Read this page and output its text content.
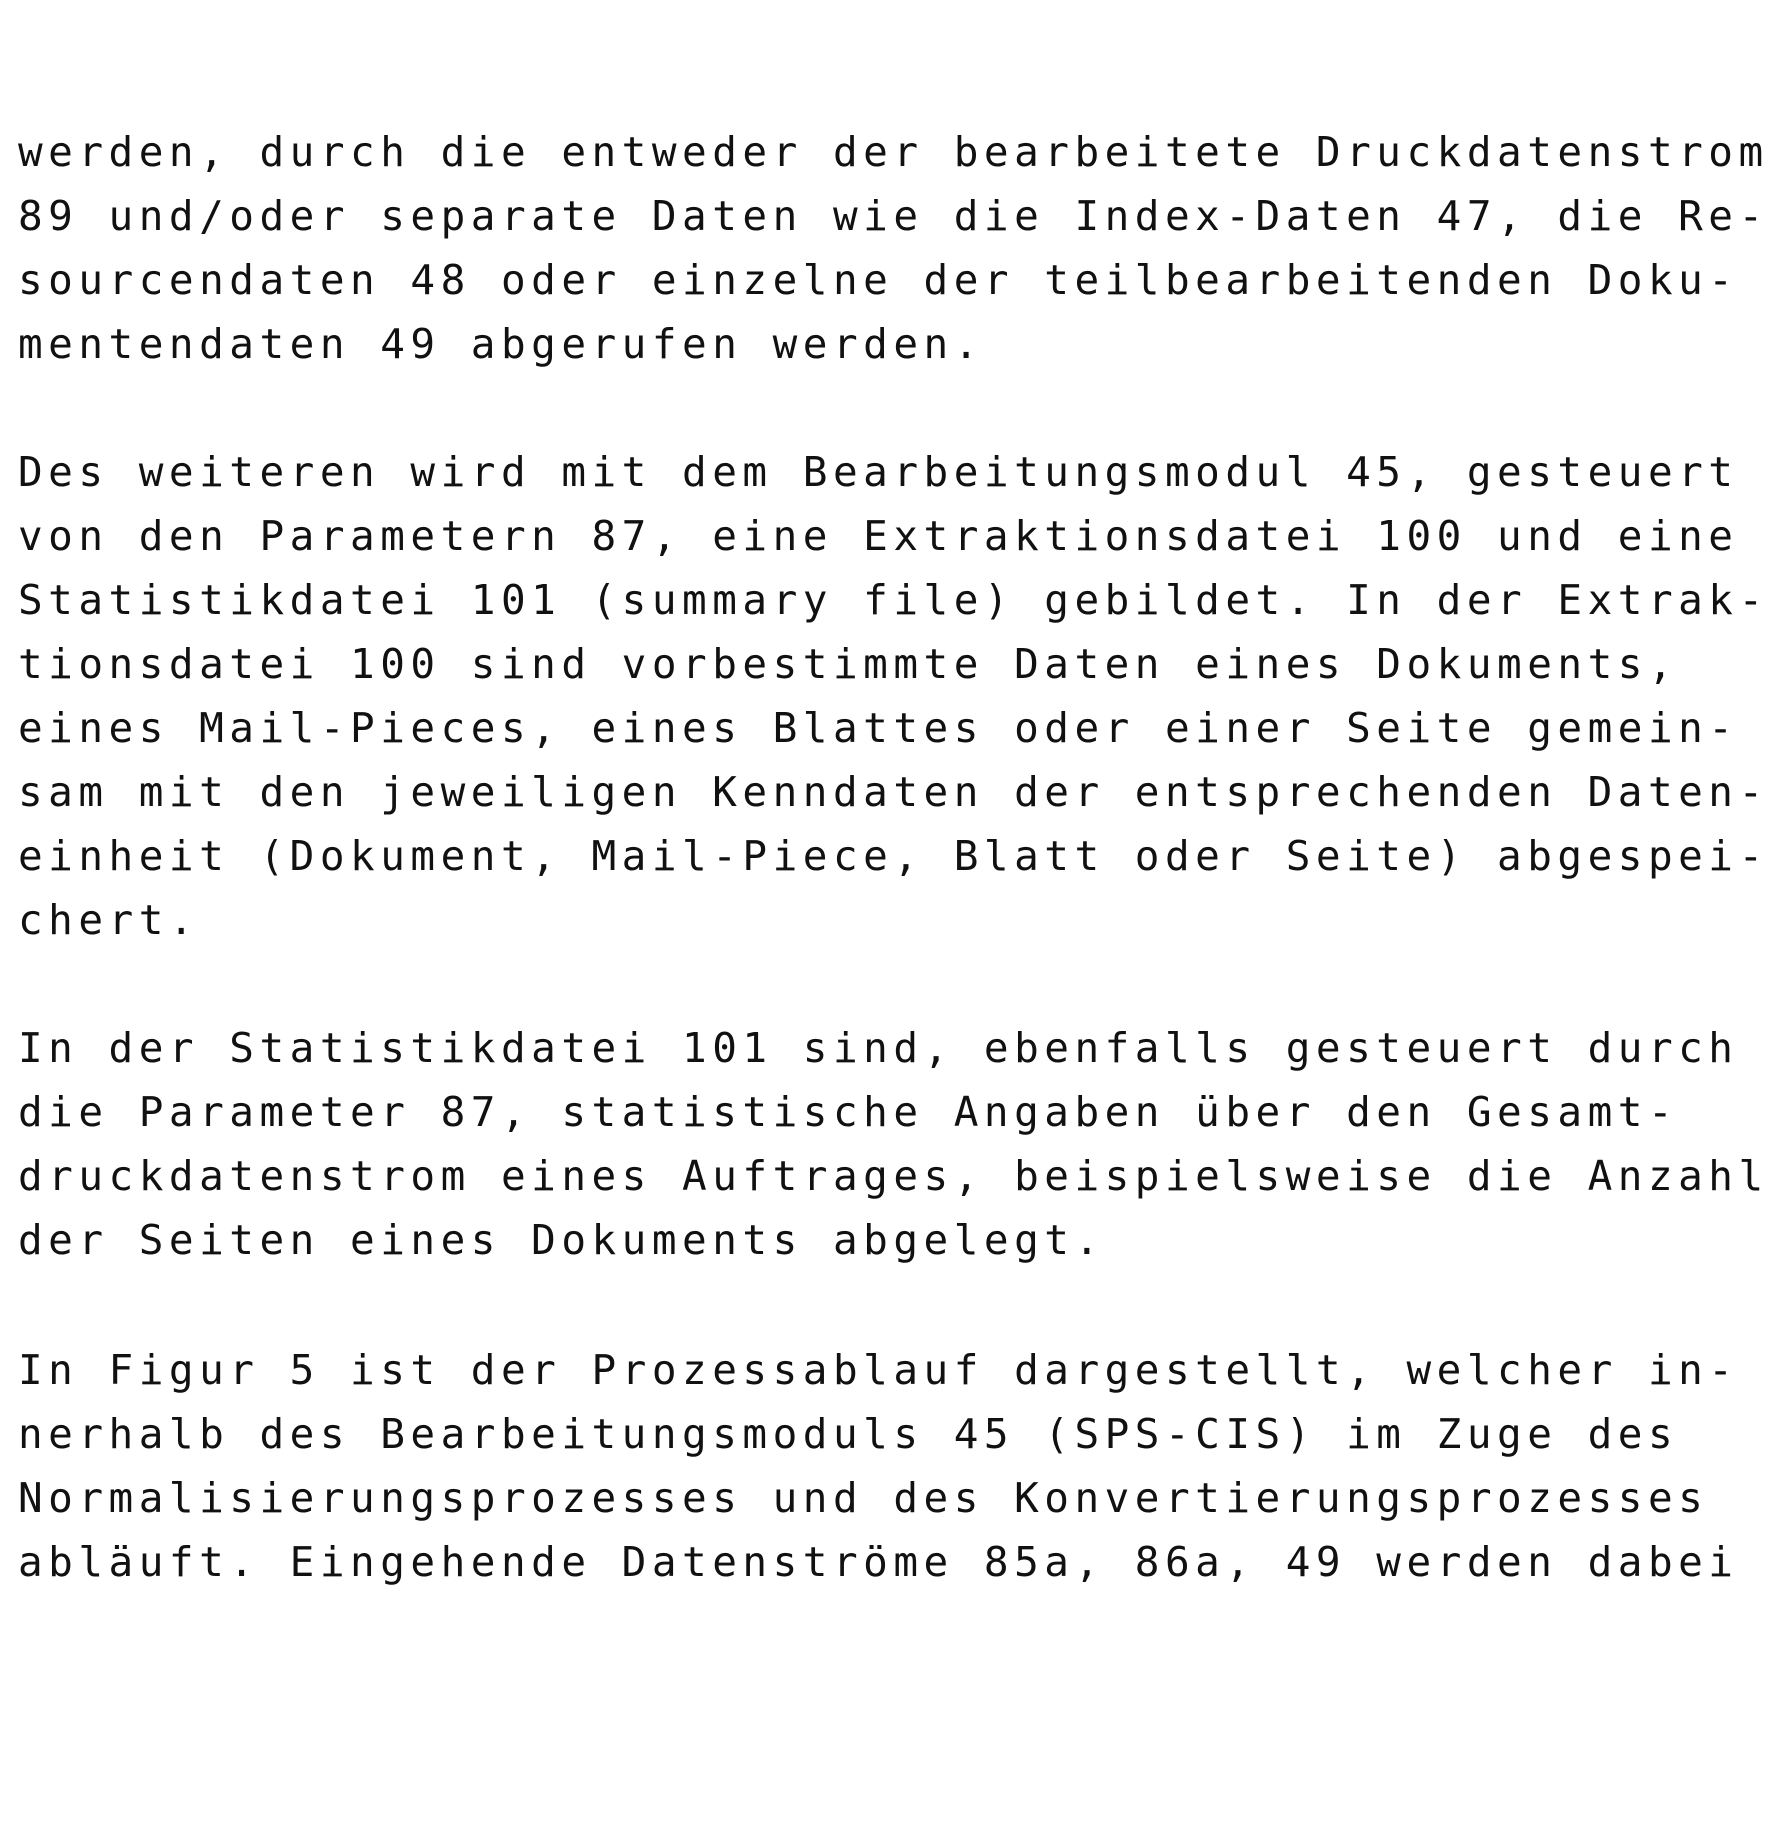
werden, durch die entweder der bearbeitete Druckdatenstrom

89 und/oder separate Daten wie die Index-Daten 47, die Re-

sourcendaten 48 oder einzelne der teilbearbeitenden Doku-

mentendaten 49 abgerufen werden.

Des weiteren wird mit dem Bearbeitungsmodul 45, gesteuert

von den Parametern 87, eine Extraktionsdatei 100 und eine

Statistikdatei 101 (summary file) gebildet. In der Extrak-

tionsdatei 100 sind vorbestimmte Daten eines Dokuments,

eines Mail-Pieces, eines Blattes oder einer Seite gemein-

sam mit den jeweiligen Kenndaten der entsprechenden Daten-

einheit (Dokument, Mail-Piece, Blatt oder Seite) abgespei-

chert.

In der Statistikdatei 101 sind, ebenfalls gesteuert durch

die Parameter 87, statistische Angaben über den Gesamt-

druckdatenstrom eines Auftrages, beispielsweise die Anzahl

der Seiten eines Dokuments abgelegt.

In Figur 5 ist der Prozessablauf dargestellt, welcher in-

nerhalb des Bearbeitungsmoduls 45 (SPS-CIS) im Zuge des

Normalisierungsprozesses und des Konvertierungsprozesses

abläuft. Eingehende Datenströme 85a, 86a, 49 werden dabei
